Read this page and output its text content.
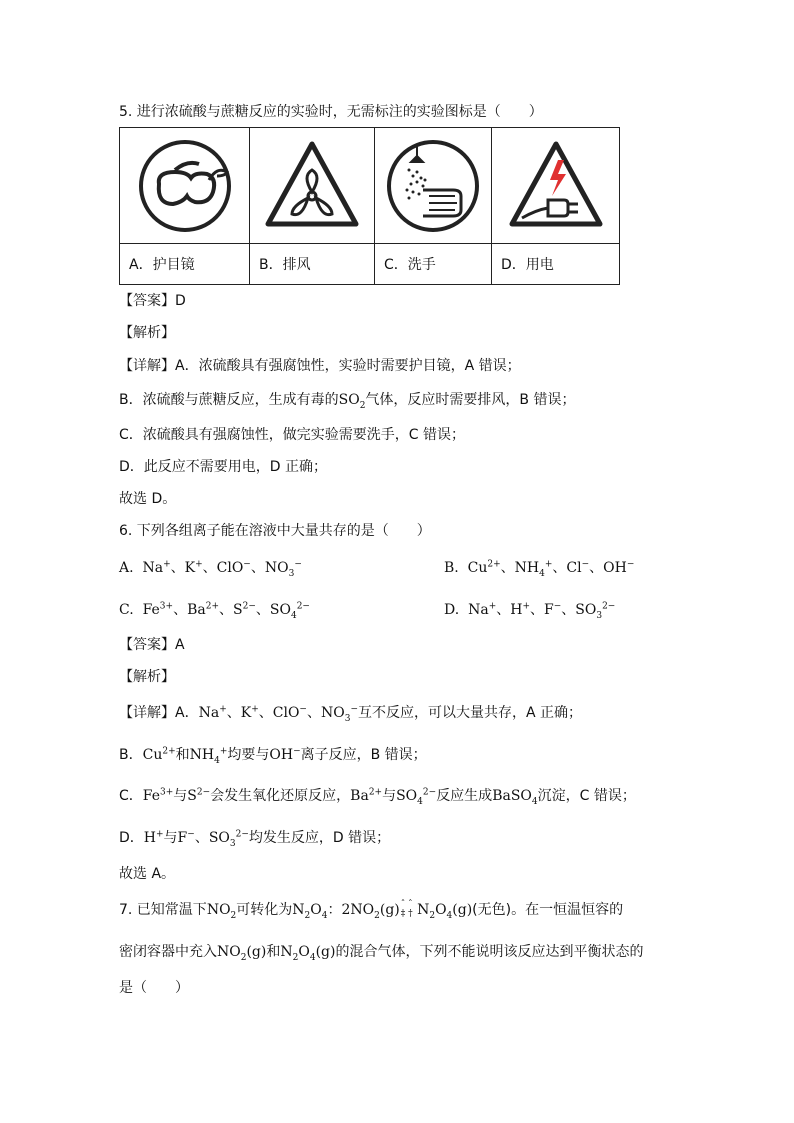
5. 进行浓硫酸与蔗糖反应的实验时，无需标注的实验图标是（　　）

A．护目镜	B．排风	C．洗手	D．用电
【答案】D
【解析】
【详解】A．浓硫酸具有强腐蚀性，实验时需要护目镜，A 错误；
B．浓硫酸与蔗糖反应，生成有毒的$SO_2$气体，反应时需要排风，B 错误；
C．浓硫酸具有强腐蚀性，做完实验需要洗手，C 错误；
D．此反应不需要用电，D 正确；
故选 D。
6. 下列各组离子能在溶液中大量共存的是（　　）
A.  Na+、K+、ClO−、$NO_3^-$	B.  $Cu^{2+}$、$NH_4^+$、Cl−、OH−
C.  $Fe^{3+}$、$Ba^{2+}$、$S^{2-}$、$SO_4^{2-}$	D.  Na+、H+、F−、$SO_3^{2-}$
【答案】A
【解析】
【详解】A．Na+、K+、ClO−、$NO_3^-$互不反应，可以大量共存，A 正确；
B．$Cu^{2+}$和$NH_4^+$均要与OH−离子反应，B 错误；
C．$Fe^{3+}$与$S^{2-}$会发生氧化还原反应，$Ba^{2+}$与$SO_4^{2-}$反应生成BaSO$_4$沉淀，C 错误；
D．H+与F−、$SO_3^{2-}$均发生反应，D 错误；
故选 A。
7. 已知常温下$NO_2$可转化为$N_2O_4$：$2NO_2(g)ˆ$ ˆ
‡ † $N_2O_4(g)$(无色)。在一恒温恒容的
密闭容器中充入$NO_2(g)$和$N_2O_4(g)$的混合气体，下列不能说明该反应达到平衡状态的
是（　　）
